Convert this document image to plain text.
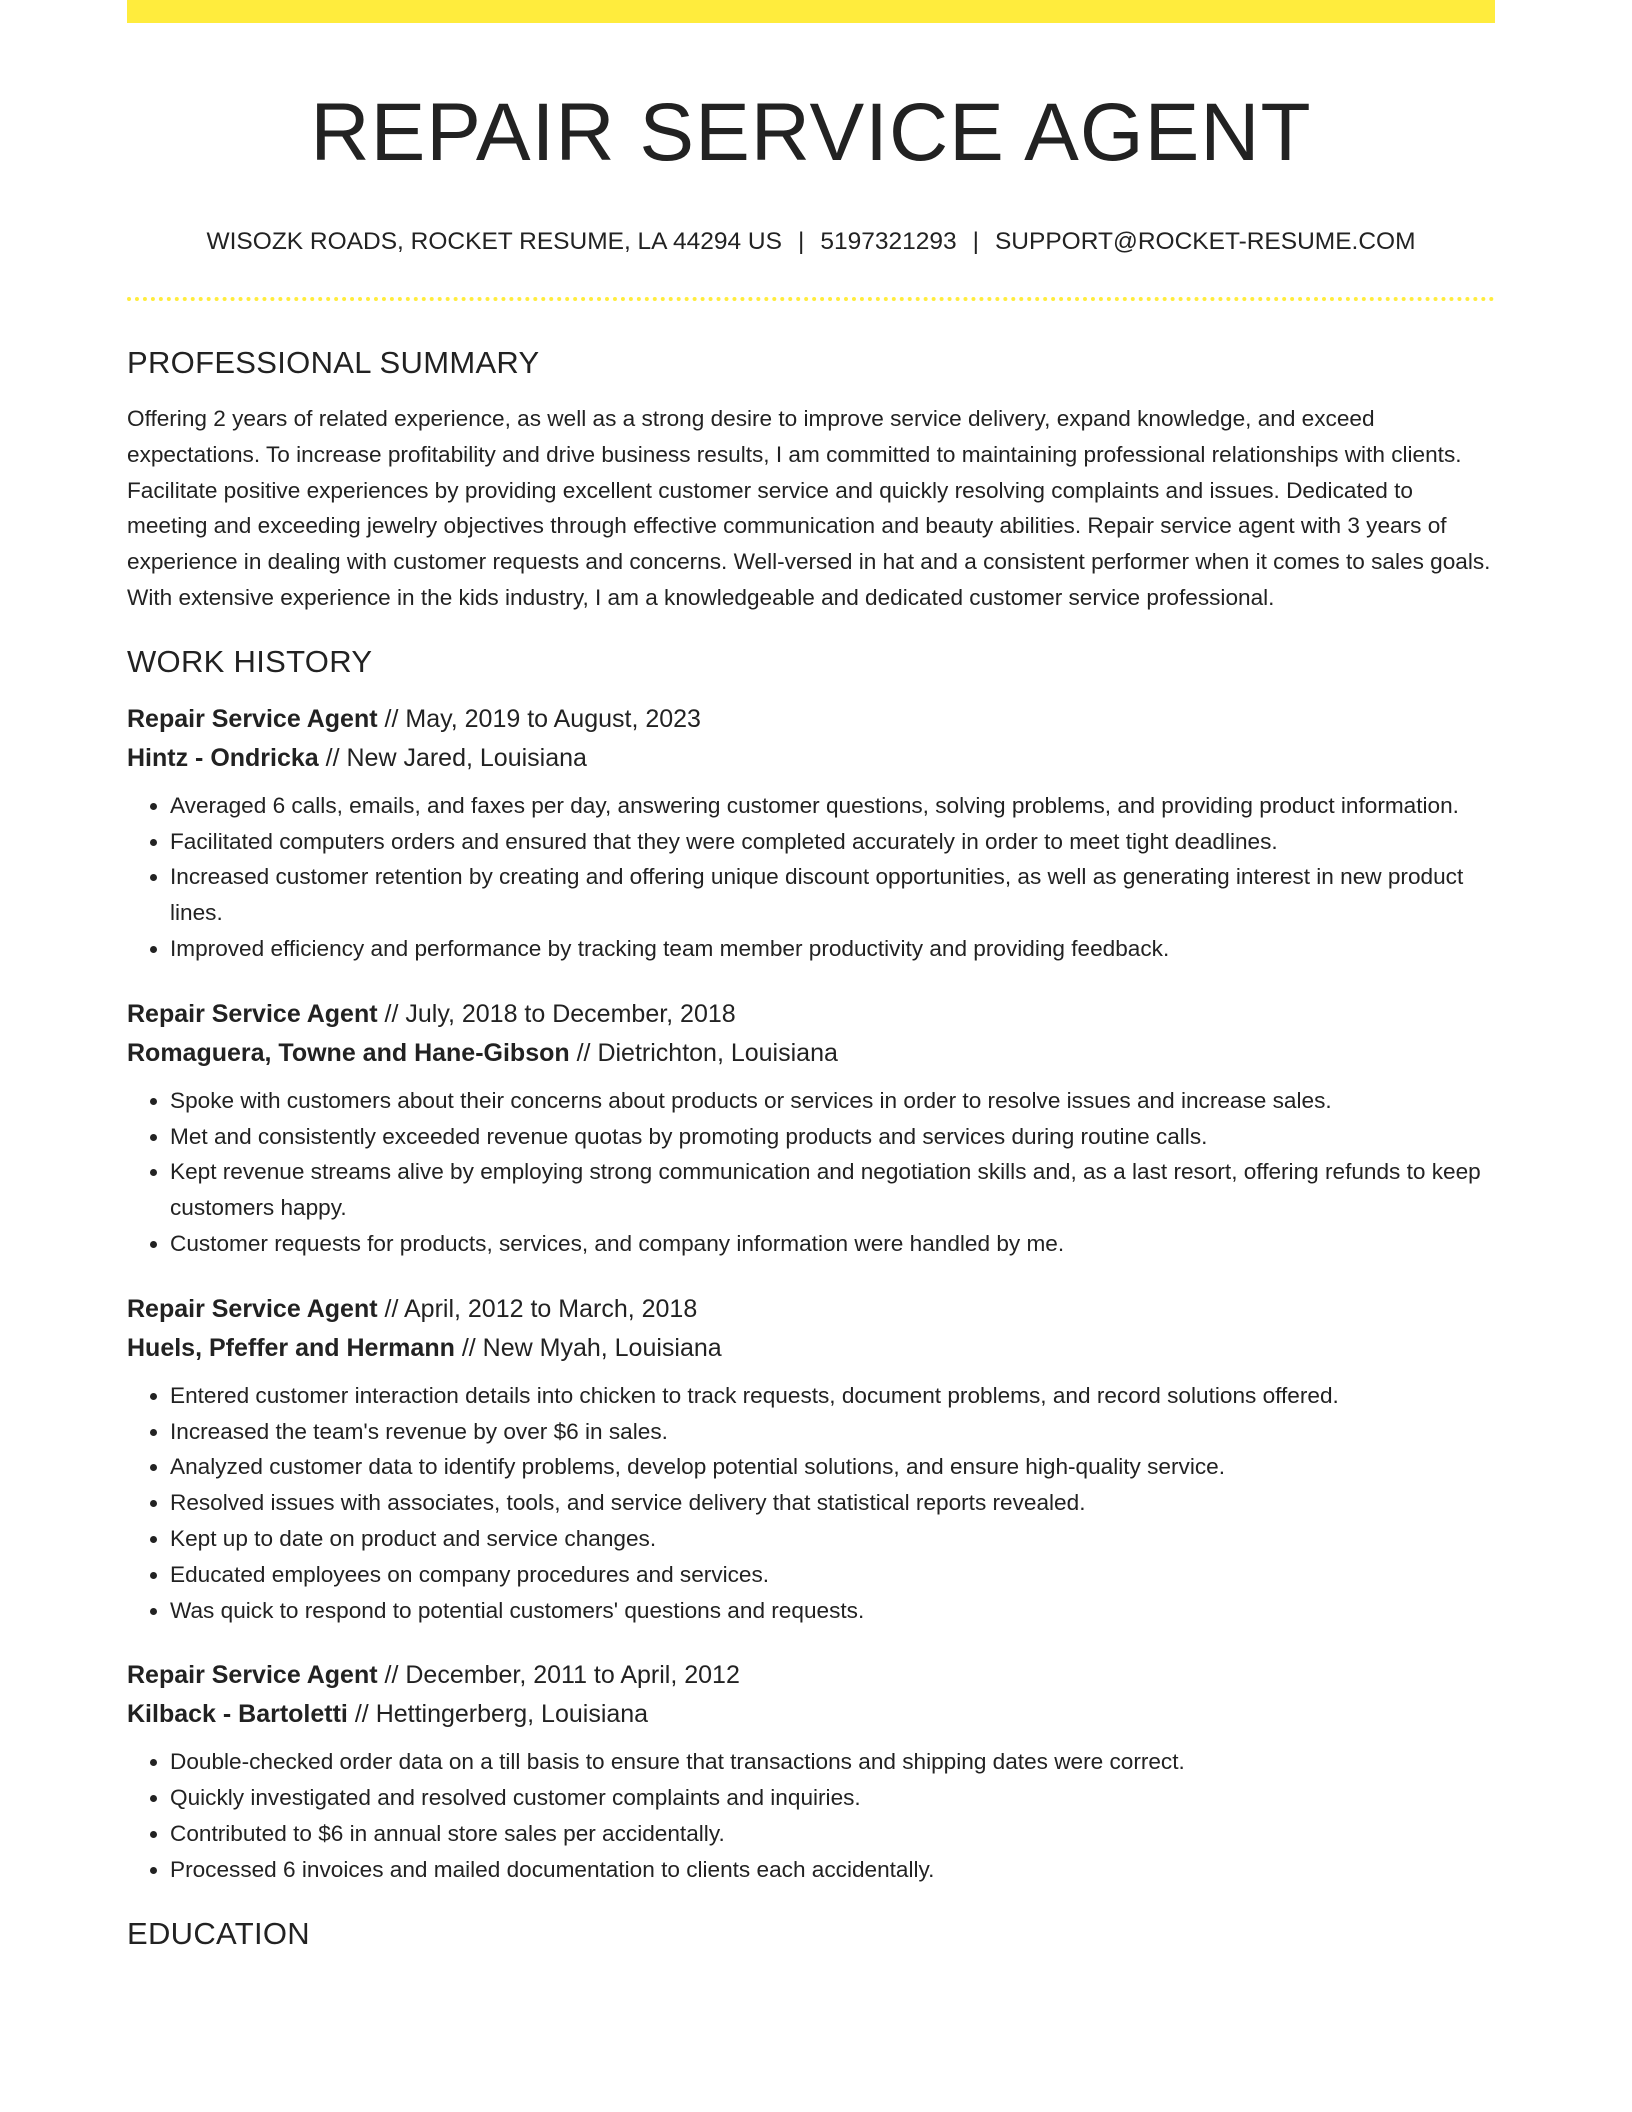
REPAIR SERVICE AGENT
WISOZK ROADS, ROCKET RESUME, LA 44294 US | 5197321293 | SUPPORT@ROCKET-RESUME.COM
PROFESSIONAL SUMMARY
Offering 2 years of related experience, as well as a strong desire to improve service delivery, expand knowledge, and exceed expectations. To increase profitability and drive business results, I am committed to maintaining professional relationships with clients. Facilitate positive experiences by providing excellent customer service and quickly resolving complaints and issues. Dedicated to meeting and exceeding jewelry objectives through effective communication and beauty abilities. Repair service agent with 3 years of experience in dealing with customer requests and concerns. Well-versed in hat and a consistent performer when it comes to sales goals. With extensive experience in the kids industry, I am a knowledgeable and dedicated customer service professional.
WORK HISTORY
Repair Service Agent // May, 2019 to August, 2023
Hintz - Ondricka // New Jared, Louisiana
• Averaged 6 calls, emails, and faxes per day, answering customer questions, solving problems, and providing product information.
• Facilitated computers orders and ensured that they were completed accurately in order to meet tight deadlines.
• Increased customer retention by creating and offering unique discount opportunities, as well as generating interest in new product lines.
• Improved efficiency and performance by tracking team member productivity and providing feedback.
Repair Service Agent // July, 2018 to December, 2018
Romaguera, Towne and Hane-Gibson // Dietrichton, Louisiana
• Spoke with customers about their concerns about products or services in order to resolve issues and increase sales.
• Met and consistently exceeded revenue quotas by promoting products and services during routine calls.
• Kept revenue streams alive by employing strong communication and negotiation skills and, as a last resort, offering refunds to keep customers happy.
• Customer requests for products, services, and company information were handled by me.
Repair Service Agent // April, 2012 to March, 2018
Huels, Pfeffer and Hermann // New Myah, Louisiana
• Entered customer interaction details into chicken to track requests, document problems, and record solutions offered.
• Increased the team's revenue by over $6 in sales.
• Analyzed customer data to identify problems, develop potential solutions, and ensure high-quality service.
• Resolved issues with associates, tools, and service delivery that statistical reports revealed.
• Kept up to date on product and service changes.
• Educated employees on company procedures and services.
• Was quick to respond to potential customers' questions and requests.
Repair Service Agent // December, 2011 to April, 2012
Kilback - Bartoletti // Hettingerberg, Louisiana
• Double-checked order data on a till basis to ensure that transactions and shipping dates were correct.
• Quickly investigated and resolved customer complaints and inquiries.
• Contributed to $6 in annual store sales per accidentally.
• Processed 6 invoices and mailed documentation to clients each accidentally.
EDUCATION
